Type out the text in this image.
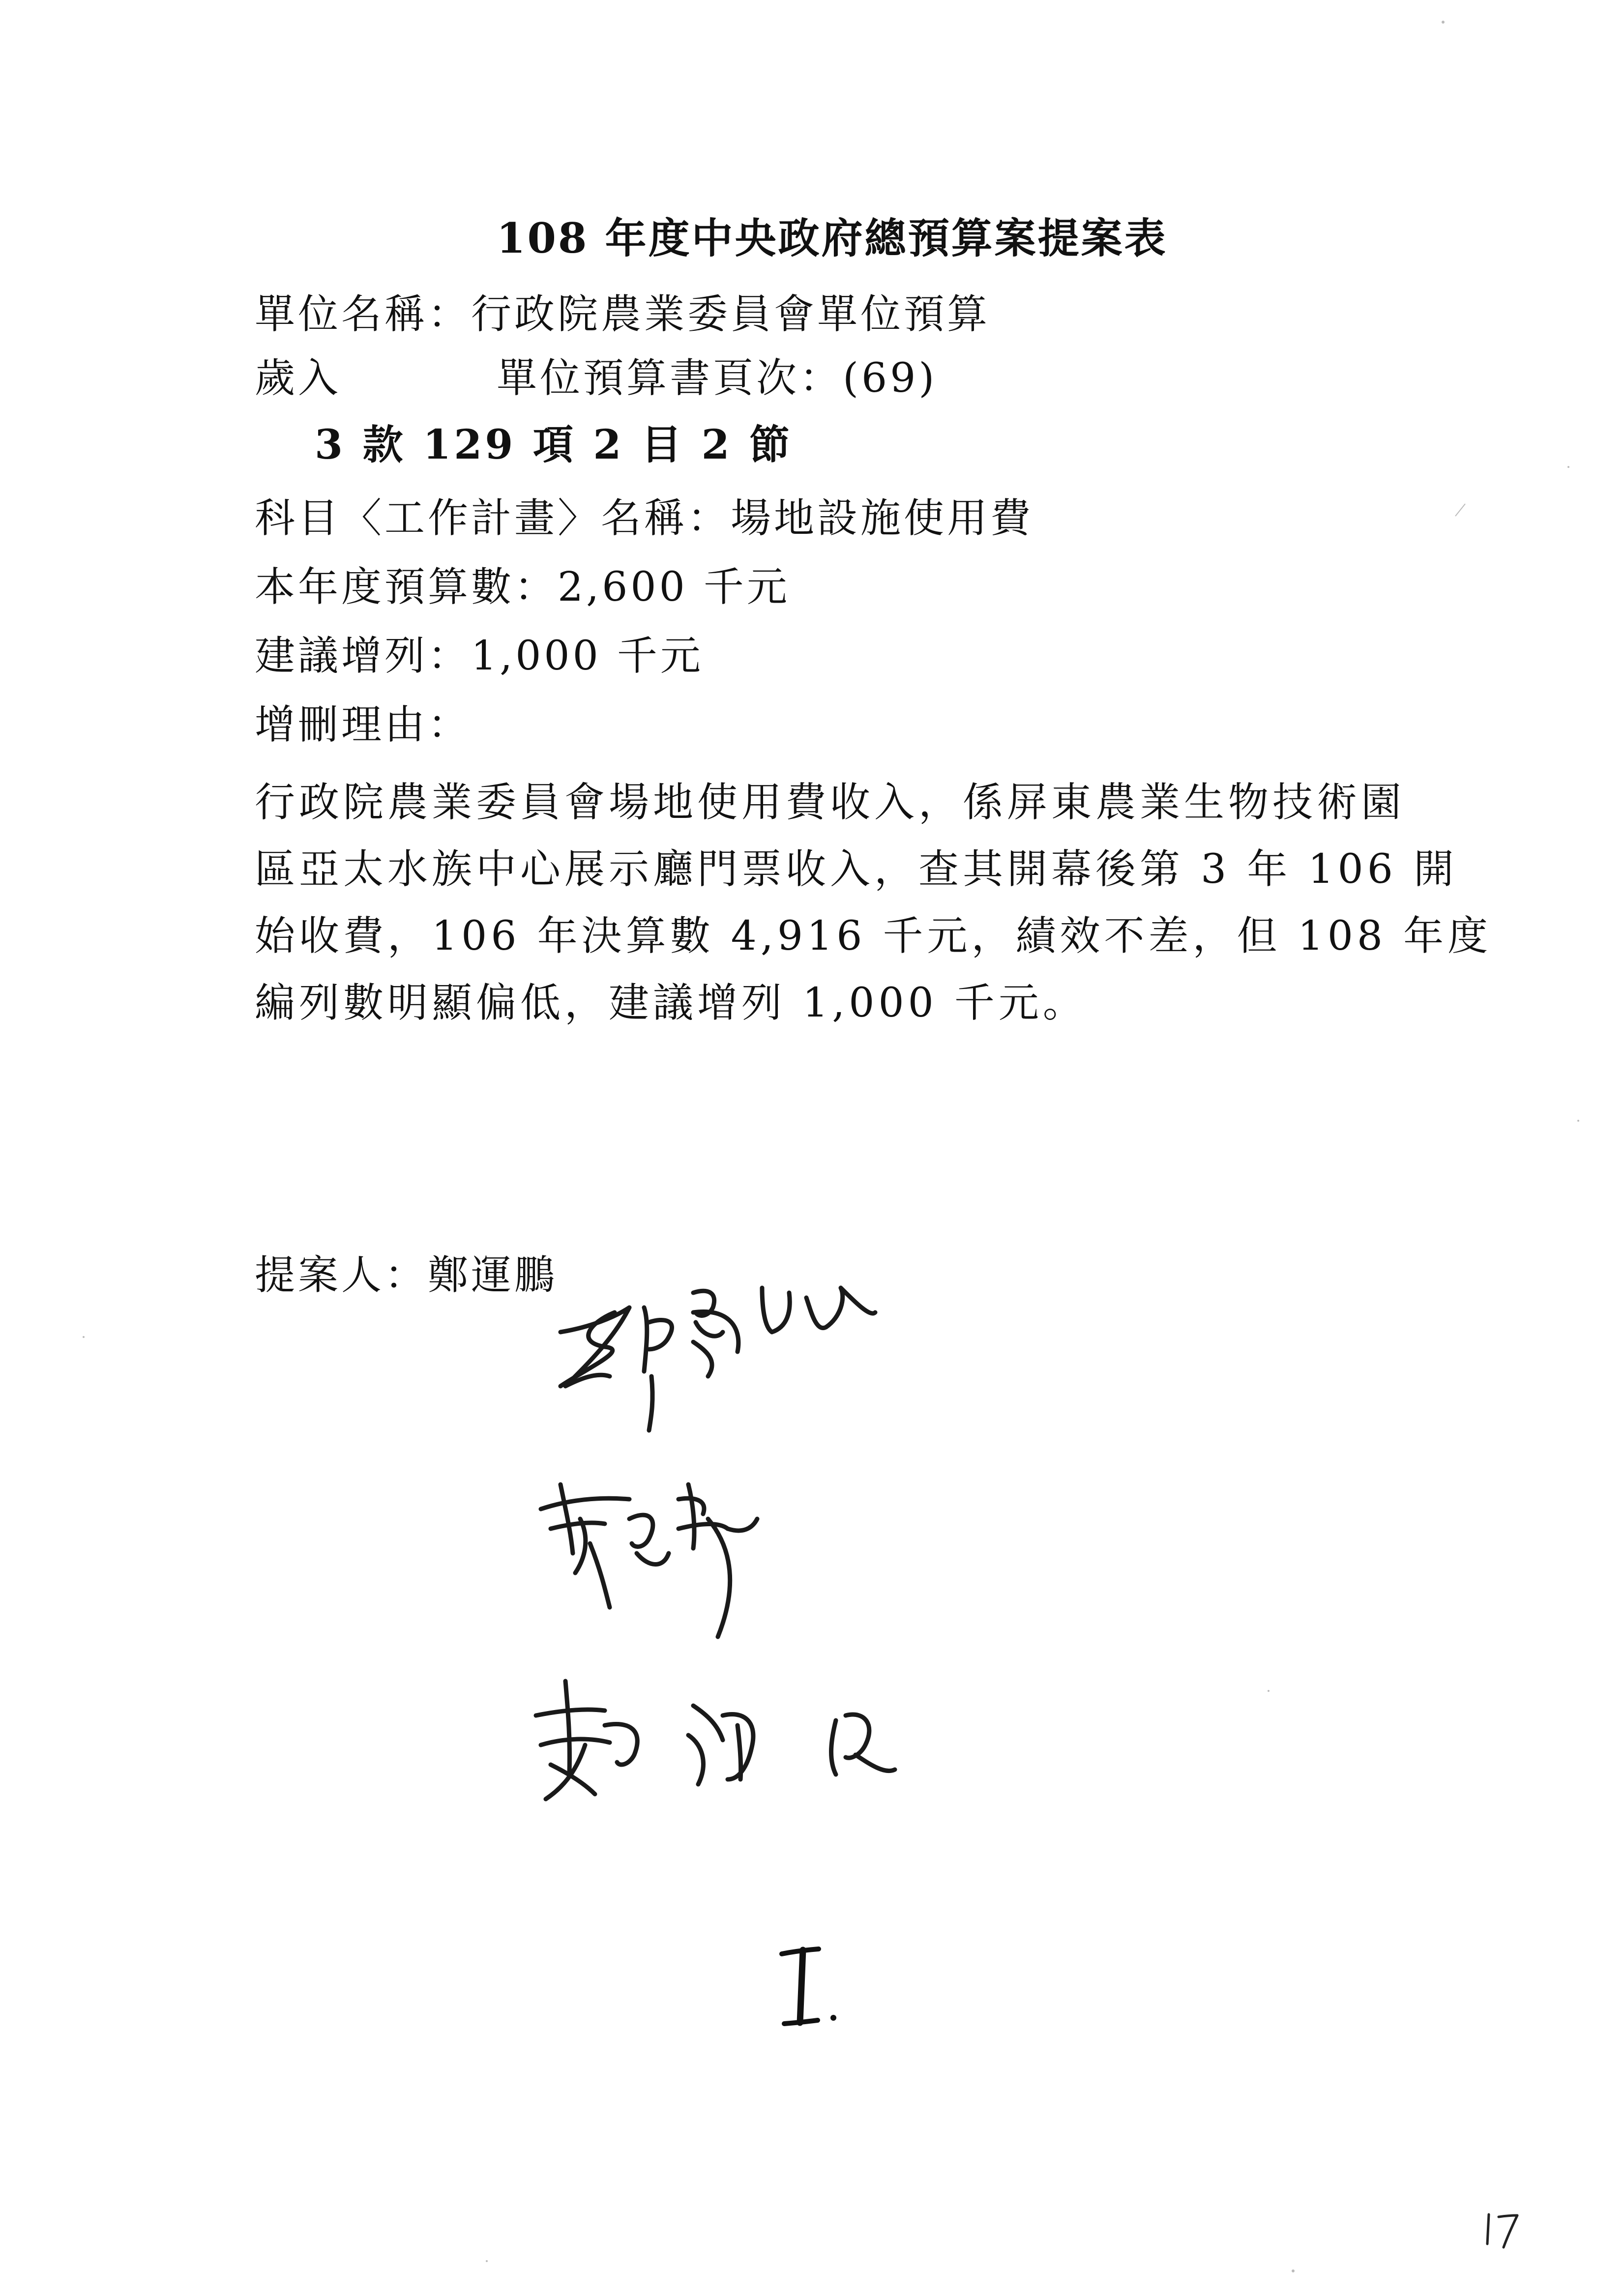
108 年度中央政府總預算案提案表
單位名稱：行政院農業委員會單位預算
歲入	單位預算書頁次：(69)
3 款 129 項 2 目 2 節
科目〈工作計畫〉名稱：場地設施使用費
本年度預算數：2,600 千元
建議增列：1,000 千元
增刪理由：
行政院農業委員會場地使用費收入，係屏東農業生物技術園
區亞太水族中心展示廳門票收入，查其開幕後第 3 年 106 開
始收費，106 年決算數 4,916 千元，績效不差，但 108 年度
編列數明顯偏低，建議增列 1,000 千元。
提案人：鄭運鵬
